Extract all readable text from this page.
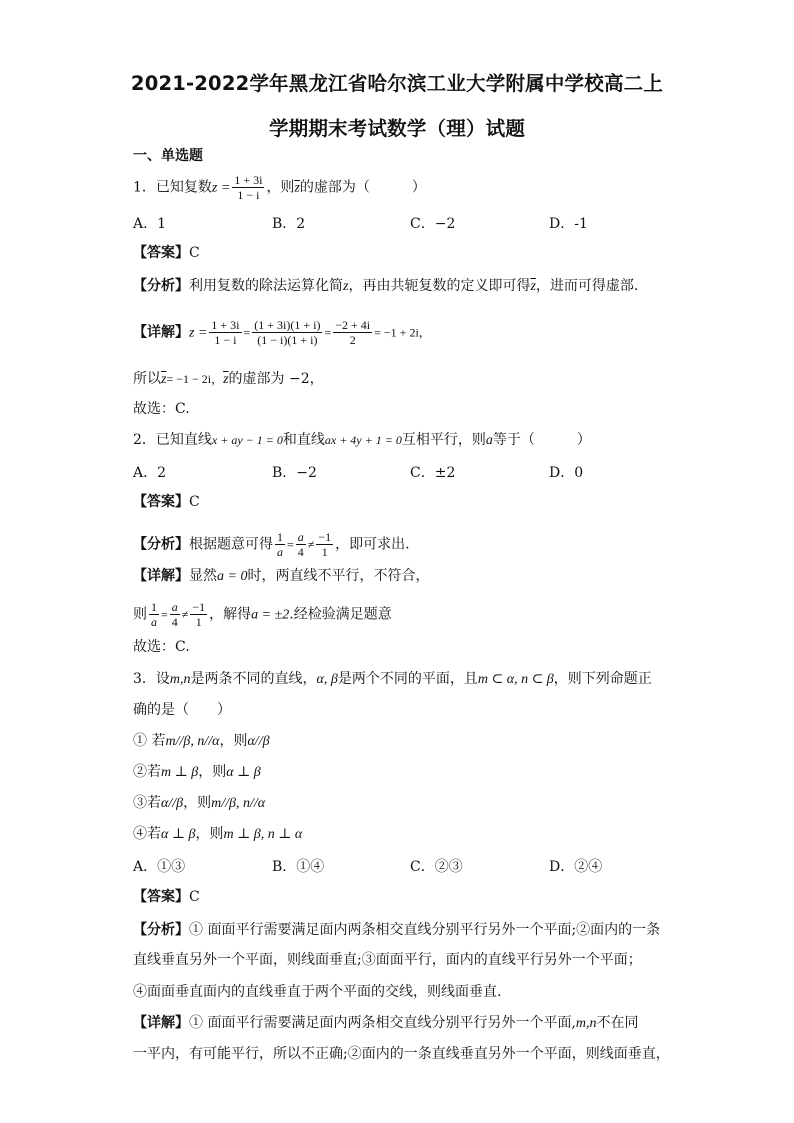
2021-2022学年黑龙江省哈尔滨工业大学附属中学校高二上
学期期末考试数学（理）试题
一、单选题
1．已知复数$z = \frac{1 + 3i}{1 - i}$ ，则$\overline{z}$的虚部为（　　　）
A．1	B．2	C．−2	D．-1
【答案】C
【分析】利用复数的除法运算化简z，再由共轭复数的定义即可得$\overline{z}$，进而可得虚部.
【详解】$z = \frac{1 + 3i}{1 - i} = \frac{(1 + 3i)(1 + i)}{(1 - i)(1 + i)} = \frac{-2 + 4i}{2} = -1 + 2i$，
所以$\overline{z}= -1 - 2i$，$\overline{z}$的虚部为 −2，
故选：C.
2．已知直线x + ay − 1 = 0和直线ax + 4y + 1 = 0互相平行，则a等于（　　　）
A．2	B．−2	C．±2	D．0
【答案】C
【分析】根据题意可得 $\frac{1}{a} = \frac{a}{4} \ne \frac{-1}{1}$ ，即可求出.
【详解】显然a = 0时，两直线不平行，不符合，
则 $\frac{1}{a} = \frac{a}{4} \ne \frac{-1}{1}$ ，解得a = ±2.经检验满足题意
故选：C.
3．设m,n是两条不同的直线，α, β是两个不同的平面，且m ⊂ α, n ⊂ β，则下列命题正
确的是（　　）
① 若m//β, n//α，则α//β
②若m ⊥ β，则α ⊥ β
③若α//β，则m//β, n//α
④若α ⊥ β，则m ⊥ β, n ⊥ α
A．①③	B．①④	C．②③	D．②④
【答案】C
【分析】① 面面平行需要满足面内两条相交直线分别平行另外一个平面;②面内的一条
直线垂直另外一个平面，则线面垂直;③面面平行，面内的直线平行另外一个平面；
④面面垂直面内的直线垂直于两个平面的交线，则线面垂直.
【详解】① 面面平行需要满足面内两条相交直线分别平行另外一个平面,m,n不在同
一平内，有可能平行，所以不正确;②面内的一条直线垂直另外一个平面，则线面垂直，
